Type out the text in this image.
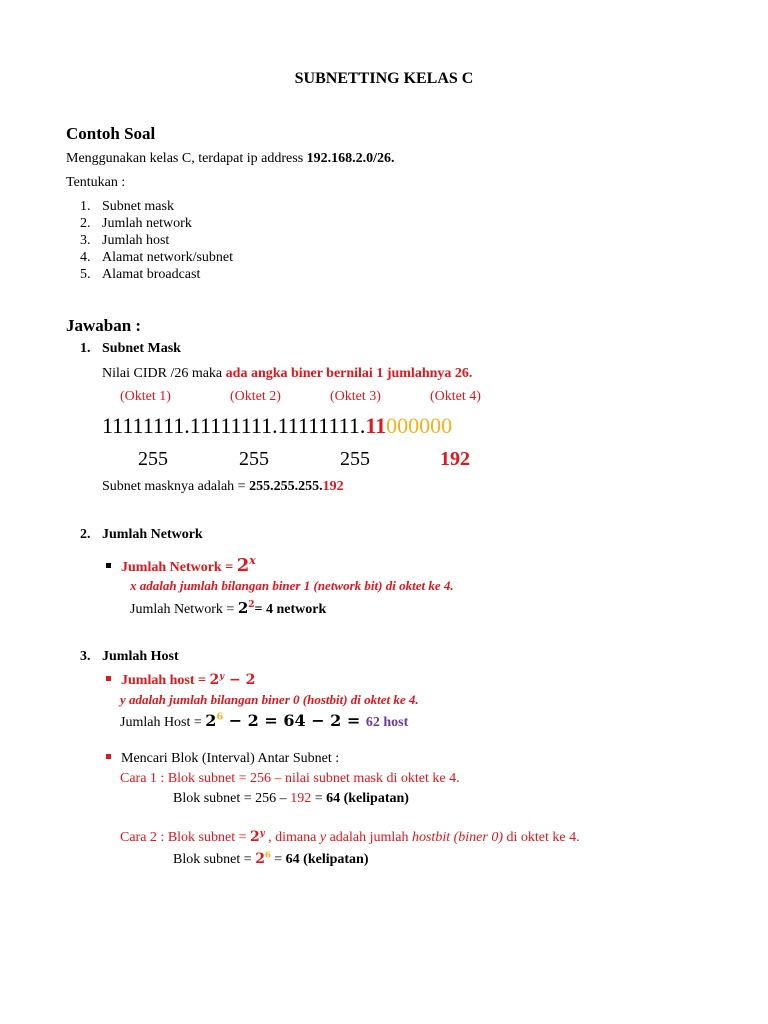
SUBNETTING KELAS C
Contoh Soal
Menggunakan kelas C, terdapat ip address 192.168.2.0/26.
Tentukan :
1. Subnet mask
2. Jumlah network
3. Jumlah host
4. Alamat network/subnet
5. Alamat broadcast
Jawaban :
1. Subnet Mask
Nilai CIDR /26 maka ada angka biner bernilai 1 jumlahnya 26.
(Oktet 1)	(Oktet 2)	(Oktet 3)	(Oktet 4)
11111111.11111111.11111111.11000000
255	255	255	192
Subnet masknya adalah = 255.255.255.192
2. Jumlah Network
Jumlah Network = $2^x$
x adalah jumlah bilangan biner 1 (network bit) di oktet ke 4.
Jumlah Network = $2^2= 4$ network
3. Jumlah Host
Jumlah host = $2^y - 2$
y adalah jumlah bilangan biner 0 (hostbit) di oktet ke 4.
Jumlah Host = $2^6 - 2 = 64 - 2 = 62$ host
Mencari Blok (Interval) Antar Subnet :
Cara 1 : Blok subnet = 256 – nilai subnet mask di oktet ke 4.
Blok subnet = 256 – 192 = 64 (kelipatan)
Cara 2 : Blok subnet = $2^y$ , dimana y adalah jumlah hostbit (biner 0) di oktet ke 4.
Blok subnet = $2^6 = 64$ (kelipatan)
